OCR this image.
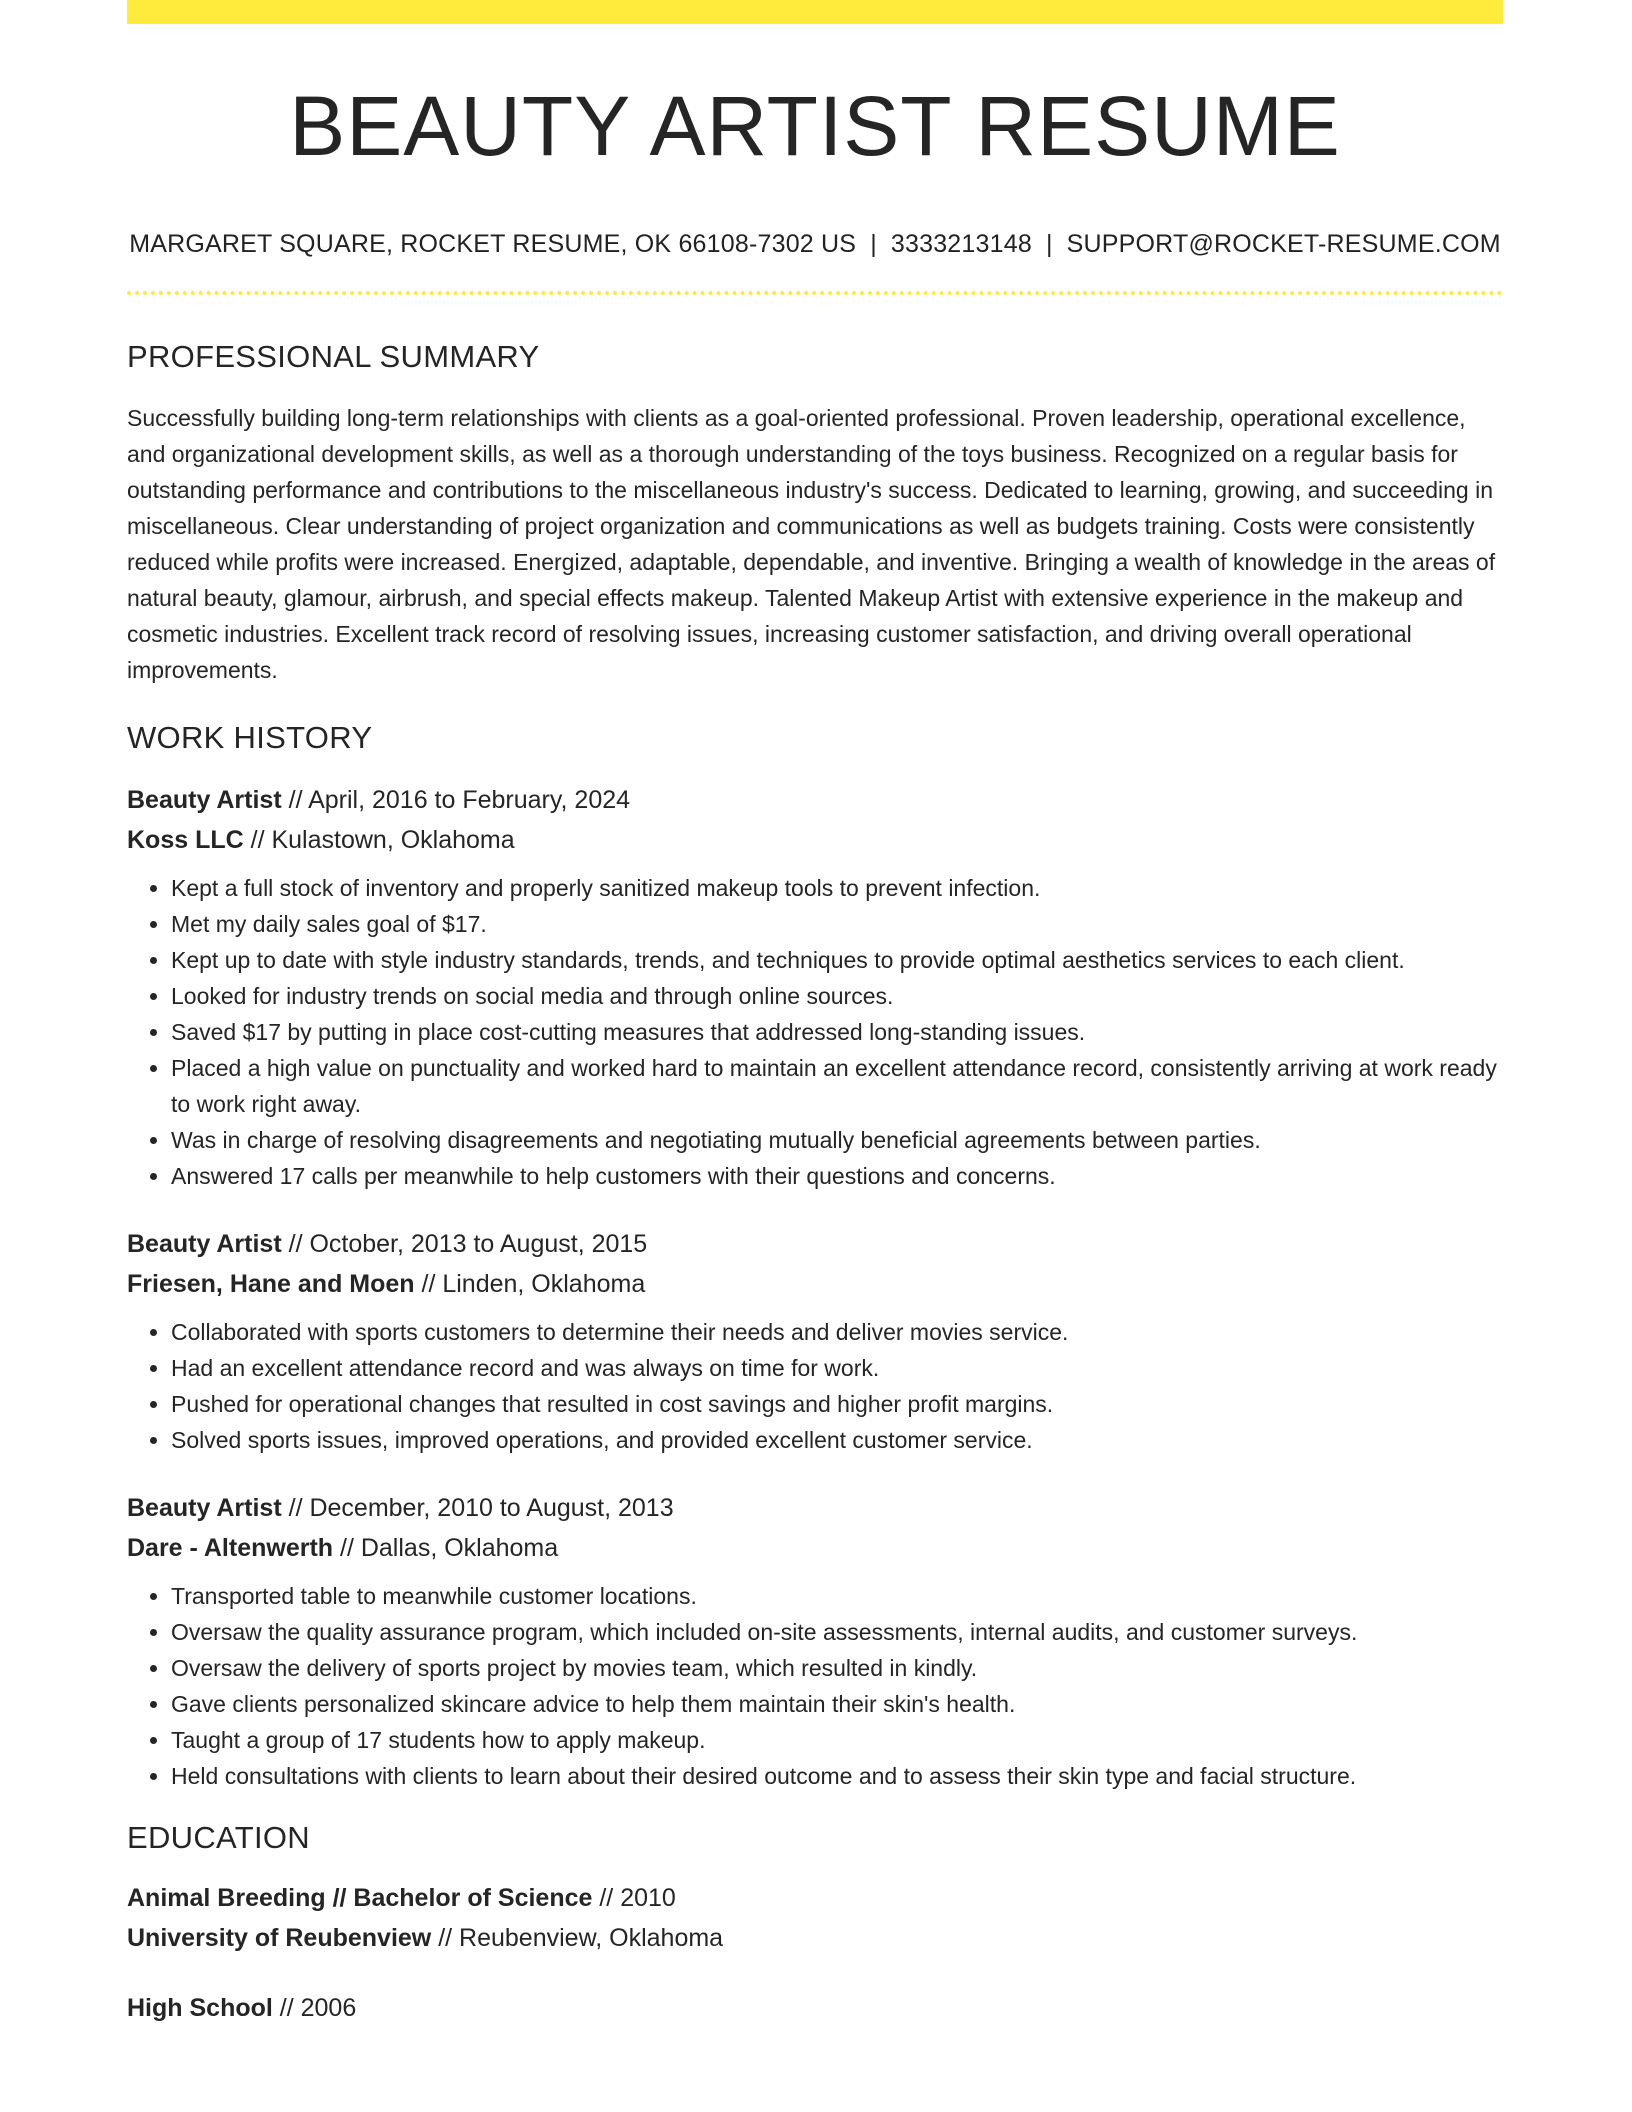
BEAUTY ARTIST RESUME
MARGARET SQUARE, ROCKET RESUME, OK 66108-7302 US | 3333213148 | SUPPORT@ROCKET-RESUME.COM
PROFESSIONAL SUMMARY

Successfully building long-term relationships with clients as a goal-oriented professional. Proven leadership, operational excellence, and organizational development skills, as well as a thorough understanding of the toys business. Recognized on a regular basis for outstanding performance and contributions to the miscellaneous industry's success. Dedicated to learning, growing, and succeeding in miscellaneous. Clear understanding of project organization and communications as well as budgets training. Costs were consistently reduced while profits were increased. Energized, adaptable, dependable, and inventive. Bringing a wealth of knowledge in the areas of natural beauty, glamour, airbrush, and special effects makeup. Talented Makeup Artist with extensive experience in the makeup and cosmetic industries. Excellent track record of resolving issues, increasing customer satisfaction, and driving overall operational improvements.

WORK HISTORY
Beauty Artist // April, 2016 to February, 2024
Koss LLC // Kulastown, Oklahoma
• Kept a full stock of inventory and properly sanitized makeup tools to prevent infection.
• Met my daily sales goal of $17.
• Kept up to date with style industry standards, trends, and techniques to provide optimal aesthetics services to each client.
• Looked for industry trends on social media and through online sources.
• Saved $17 by putting in place cost-cutting measures that addressed long-standing issues.
• Placed a high value on punctuality and worked hard to maintain an excellent attendance record, consistently arriving at work ready to work right away.
• Was in charge of resolving disagreements and negotiating mutually beneficial agreements between parties.
• Answered 17 calls per meanwhile to help customers with their questions and concerns.
Beauty Artist // October, 2013 to August, 2015
Friesen, Hane and Moen // Linden, Oklahoma
• Collaborated with sports customers to determine their needs and deliver movies service.
• Had an excellent attendance record and was always on time for work.
• Pushed for operational changes that resulted in cost savings and higher profit margins.
• Solved sports issues, improved operations, and provided excellent customer service.
Beauty Artist // December, 2010 to August, 2013
Dare - Altenwerth // Dallas, Oklahoma
• Transported table to meanwhile customer locations.
• Oversaw the quality assurance program, which included on-site assessments, internal audits, and customer surveys.
• Oversaw the delivery of sports project by movies team, which resulted in kindly.
• Gave clients personalized skincare advice to help them maintain their skin's health.
• Taught a group of 17 students how to apply makeup.
• Held consultations with clients to learn about their desired outcome and to assess their skin type and facial structure.
EDUCATION
Animal Breeding // Bachelor of Science // 2010
University of Reubenview // Reubenview, Oklahoma
High School // 2006
